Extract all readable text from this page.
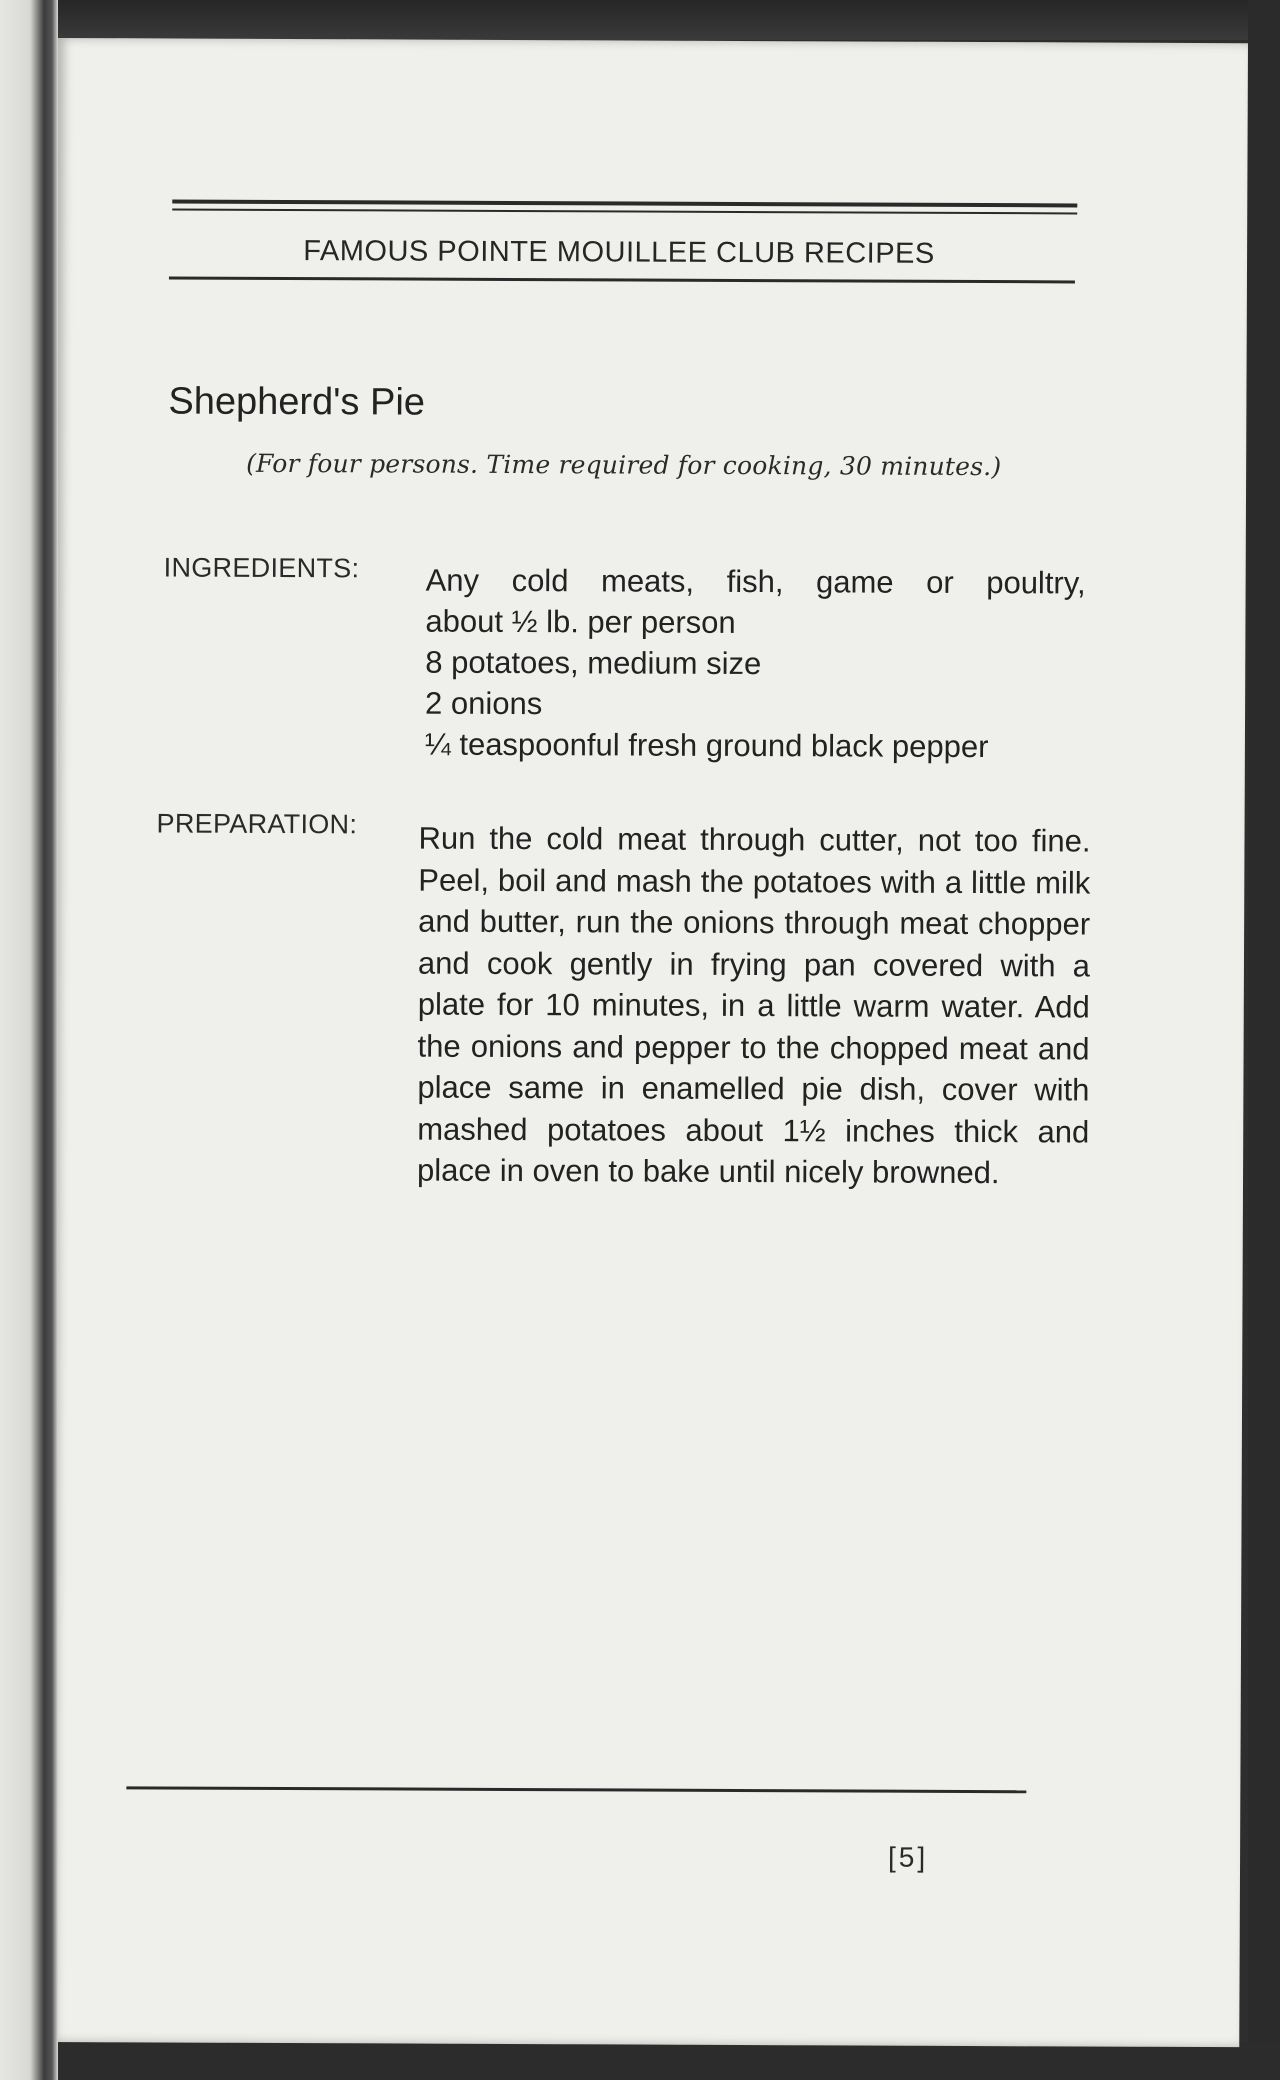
FAMOUS POINTE MOUILLEE CLUB RECIPES
Shepherd's Pie
(For four persons. Time required for cooking, 30 minutes.)
INGREDIENTS: Any cold meats, fish, game or poultry,
about ½ lb. per person
8 potatoes, medium size
2 onions
¼ teaspoonful fresh ground black pepper
PREPARATION: Run the cold meat through cutter, not too fine. Peel, boil and mash the potatoes with a little milk and butter, run the onions through meat chopper and cook gently in frying pan covered with a plate for 10 minutes, in a little warm water. Add the onions and pepper to the chopped meat and place same in enamelled pie dish, cover with mashed potatoes about 1½ inches thick and place in oven to bake until nicely browned.
[5]
